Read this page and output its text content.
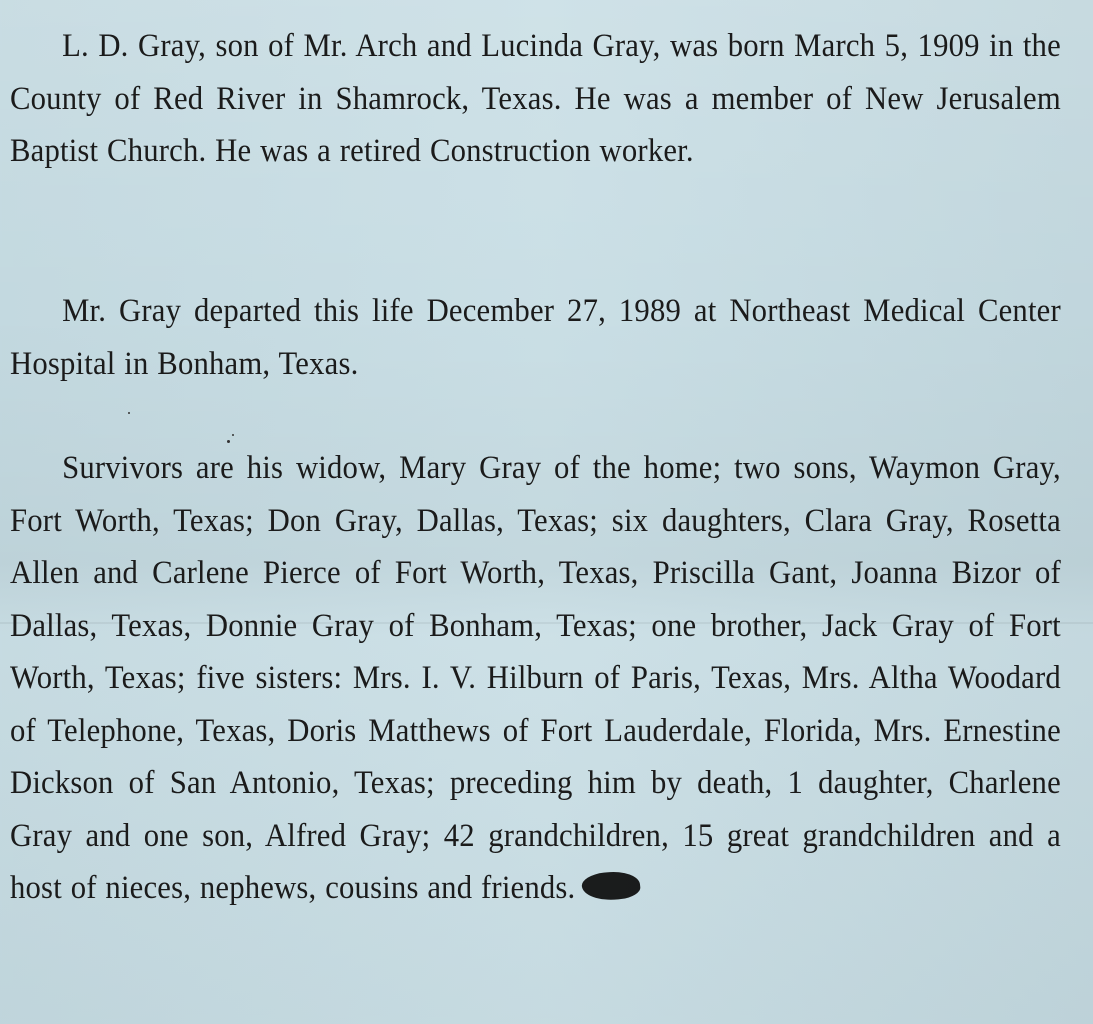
L. D. Gray, son of Mr. Arch and Lucinda Gray, was born March 5, 1909 in the County of Red River in Shamrock, Texas. He was a member of New Jerusalem Baptist Church. He was a retired Construction worker.

Mr. Gray departed this life December 27, 1989 at Northeast Medical Center Hospital in Bonham, Texas.

Survivors are his widow, Mary Gray of the home; two sons, Waymon Gray, Fort Worth, Texas; Don Gray, Dallas, Texas; six daughters, Clara Gray, Rosetta Allen and Carlene Pierce of Fort Worth, Texas, Priscilla Gant, Joanna Bizor of Dallas, Texas, Donnie Gray of Bonham, Texas; one brother, Jack Gray of Fort Worth, Texas; five sisters: Mrs. I. V. Hilburn of Paris, Texas, Mrs. Altha Woodard of Telephone, Texas, Doris Matthews of Fort Lauderdale, Florida, Mrs. Ernestine Dickson of San Antonio, Texas; preceding him by death, 1 daughter, Charlene Gray and one son, Alfred Gray; 42 grandchildren, 15 great grandchildren and a host of nieces, nephews, cousins and friends.
